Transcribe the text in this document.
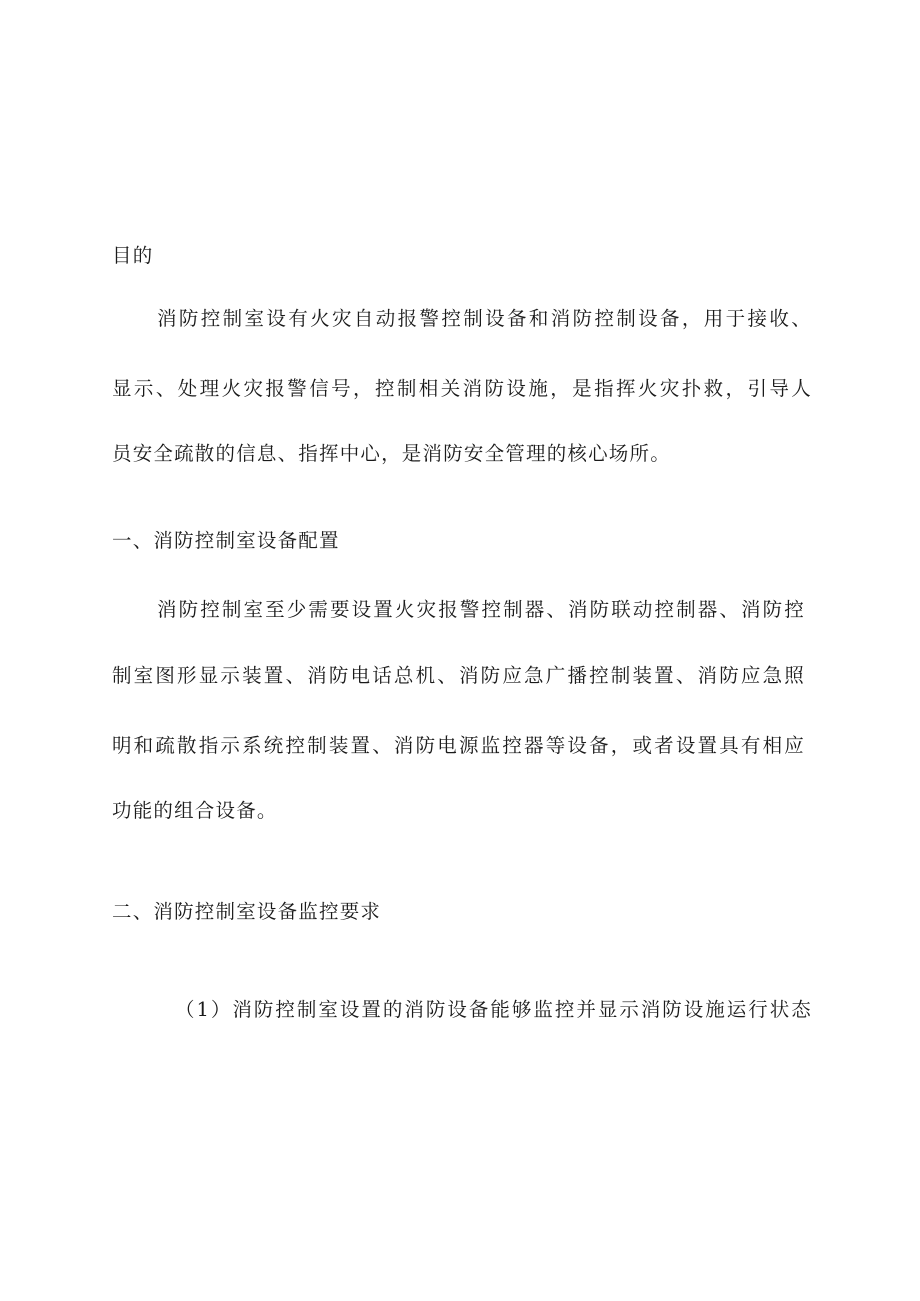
目的
消防控制室设有火灾自动报警控制设备和消防控制设备，用于接收、
显示、处理火灾报警信号，控制相关消防设施，是指挥火灾扑救，引导人
员安全疏散的信息、指挥中心，是消防安全管理的核心场所。
一、消防控制室设备配置
消防控制室至少需要设置火灾报警控制器、消防联动控制器、消防控
制室图形显示装置、消防电话总机、消防应急广播控制装置、消防应急照
明和疏散指示系统控制装置、消防电源监控器等设备，或者设置具有相应
功能的组合设备。
二、消防控制室设备监控要求
（1）消防控制室设置的消防设备能够监控并显示消防设施运行状态
